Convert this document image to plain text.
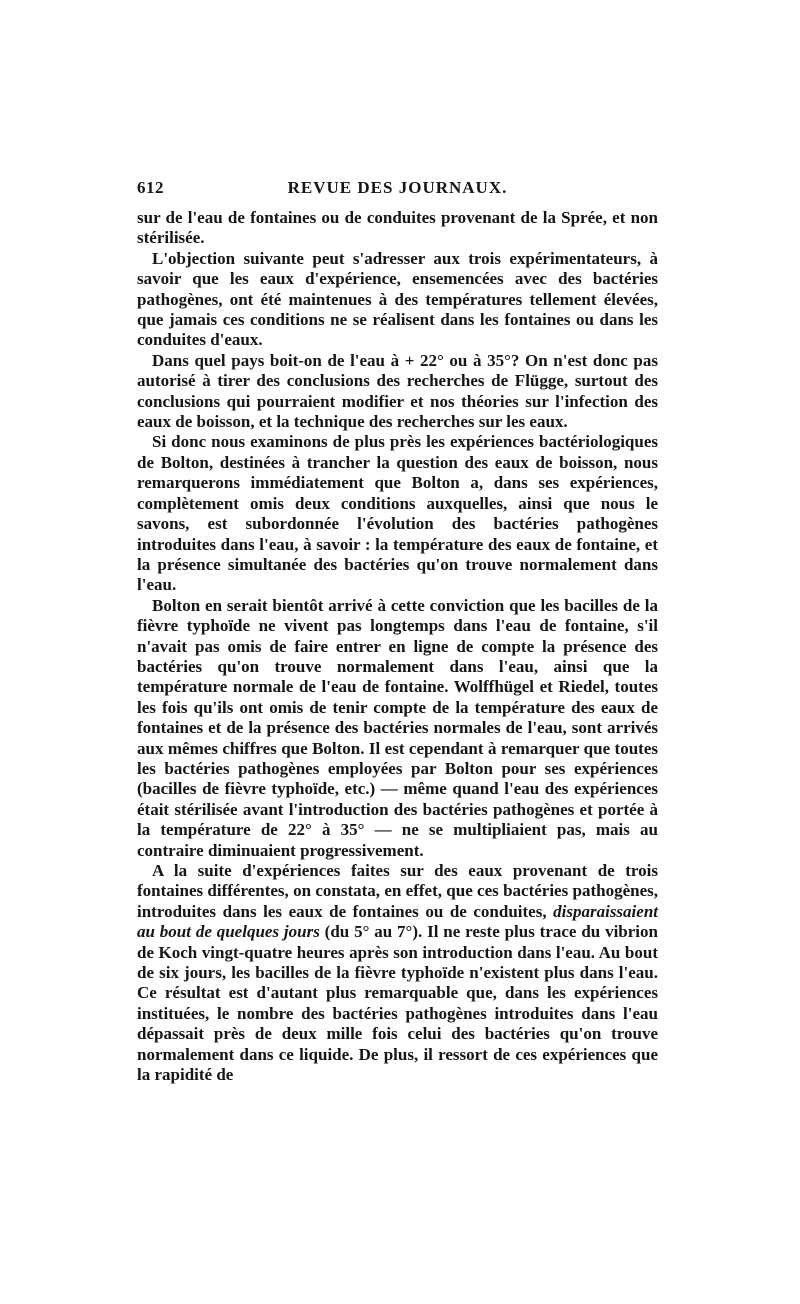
612	REVUE DES JOURNAUX.

sur de l'eau de fontaines ou de conduites provenant de la Sprée, et non stérilisée.

L'objection suivante peut s'adresser aux trois expérimentateurs, à savoir que les eaux d'expérience, ensemencées avec des bactéries pathogènes, ont été maintenues à des températures tellement élevées, que jamais ces conditions ne se réalisent dans les fontaines ou dans les conduites d'eaux.

Dans quel pays boit-on de l'eau à + 22° ou à 35°? On n'est donc pas autorisé à tirer des conclusions des recherches de Flügge, surtout des conclusions qui pourraient modifier et nos théories sur l'infection des eaux de boisson, et la technique des recherches sur les eaux.

Si donc nous examinons de plus près les expériences bactériologiques de Bolton, destinées à trancher la question des eaux de boisson, nous remarquerons immédiatement que Bolton a, dans ses expériences, complètement omis deux conditions auxquelles, ainsi que nous le savons, est subordonnée l'évolution des bactéries pathogènes introduites dans l'eau, à savoir : la température des eaux de fontaine, et la présence simultanée des bactéries qu'on trouve normalement dans l'eau.

Bolton en serait bientôt arrivé à cette conviction que les bacilles de la fièvre typhoïde ne vivent pas longtemps dans l'eau de fontaine, s'il n'avait pas omis de faire entrer en ligne de compte la présence des bactéries qu'on trouve normalement dans l'eau, ainsi que la température normale de l'eau de fontaine. Wolffhügel et Riedel, toutes les fois qu'ils ont omis de tenir compte de la température des eaux de fontaines et de la présence des bactéries normales de l'eau, sont arrivés aux mêmes chiffres que Bolton. Il est cependant à remarquer que toutes les bactéries pathogènes employées par Bolton pour ses expériences (bacilles de fièvre typhoïde, etc.) — même quand l'eau des expériences était stérilisée avant l'introduction des bactéries pathogènes et portée à la température de 22° à 35° — ne se multipliaient pas, mais au contraire diminuaient progressivement.

A la suite d'expériences faites sur des eaux provenant de trois fontaines différentes, on constata, en effet, que ces bactéries pathogènes, introduites dans les eaux de fontaines ou de conduites, disparaissaient au bout de quelques jours (du 5° au 7°). Il ne reste plus trace du vibrion de Koch vingt-quatre heures après son introduction dans l'eau. Au bout de six jours, les bacilles de la fièvre typhoïde n'existent plus dans l'eau. Ce résultat est d'autant plus remarquable que, dans les expériences instituées, le nombre des bactéries pathogènes introduites dans l'eau dépassait près de deux mille fois celui des bactéries qu'on trouve normalement dans ce liquide. De plus, il ressort de ces expériences que la rapidité de
